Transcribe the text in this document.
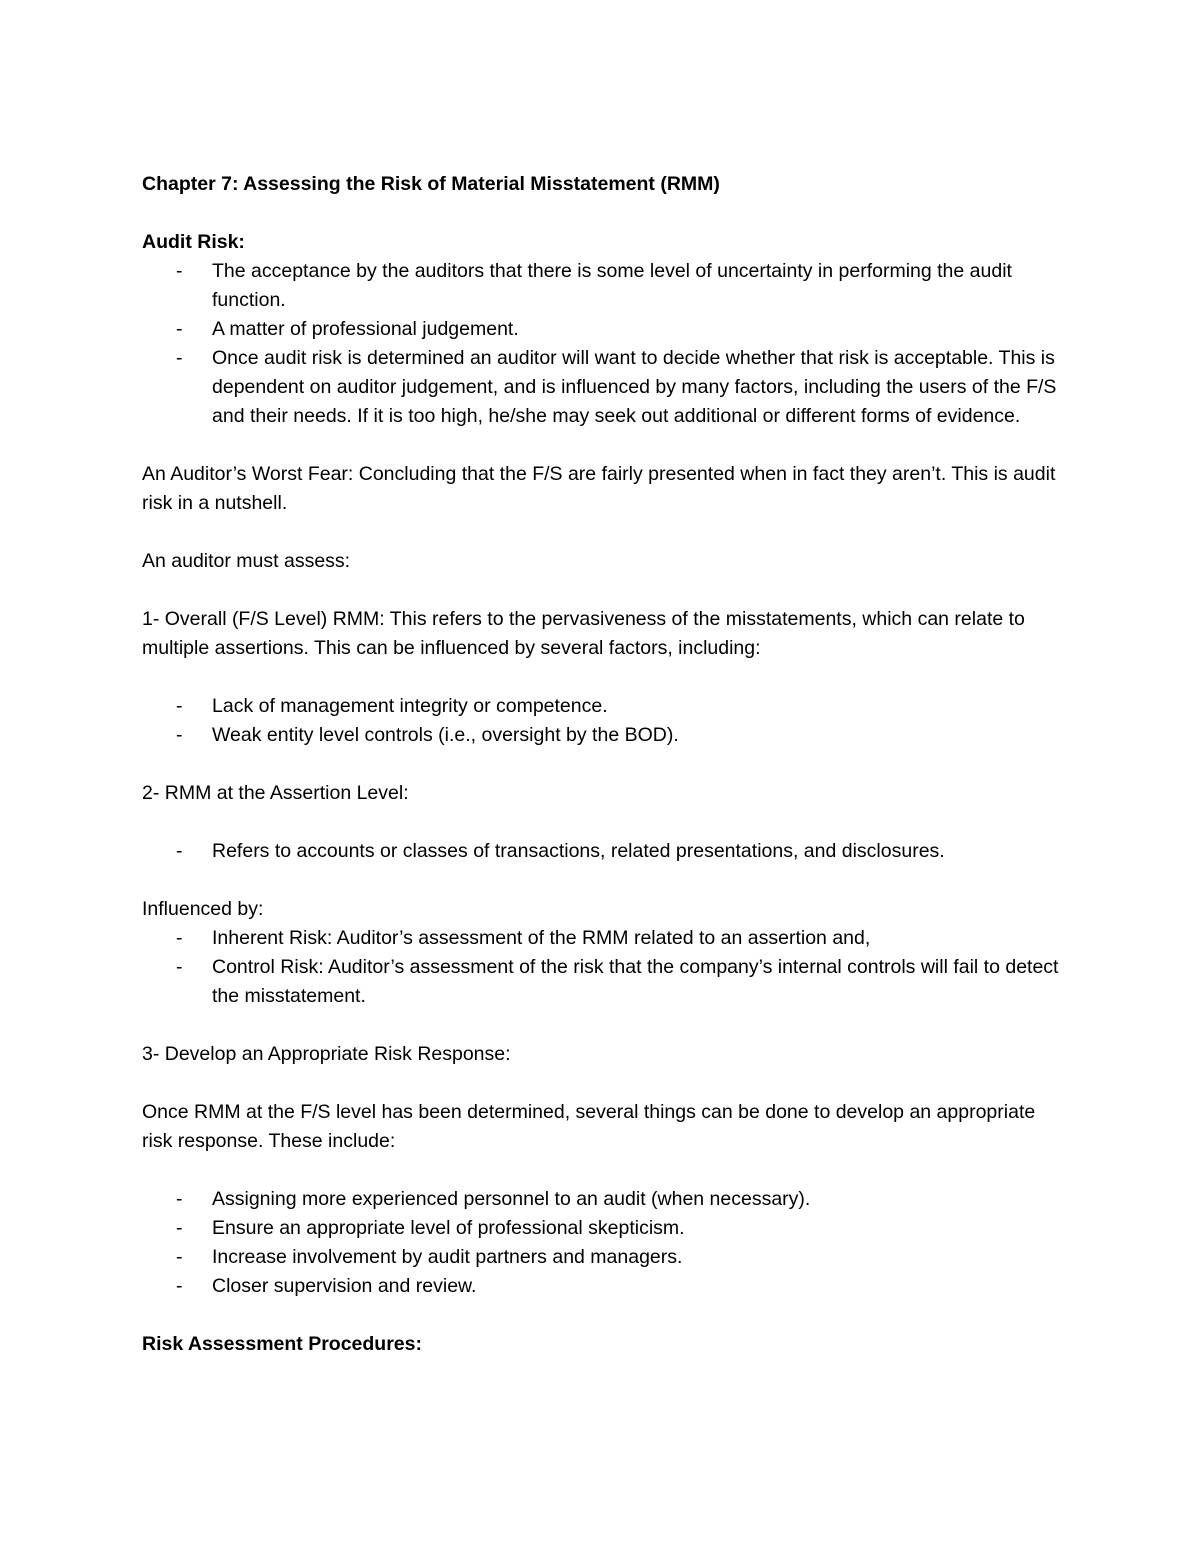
Chapter 7: Assessing the Risk of Material Misstatement (RMM)

Audit Risk:

- The acceptance by the auditors that there is some level of uncertainty in performing the audit function.
- A matter of professional judgement.
- Once audit risk is determined an auditor will want to decide whether that risk is acceptable. This is dependent on auditor judgement, and is influenced by many factors, including the users of the F/S and their needs. If it is too high, he/she may seek out additional or different forms of evidence.

An Auditor’s Worst Fear: Concluding that the F/S are fairly presented when in fact they aren’t. This is audit risk in a nutshell.

An auditor must assess:

1- Overall (F/S Level) RMM: This refers to the pervasiveness of the misstatements, which can relate to multiple assertions. This can be influenced by several factors, including:

- Lack of management integrity or competence.
- Weak entity level controls (i.e., oversight by the BOD).

2- RMM at the Assertion Level:

- Refers to accounts or classes of transactions, related presentations, and disclosures.

Influenced by:

- Inherent Risk: Auditor’s assessment of the RMM related to an assertion and,
- Control Risk: Auditor’s assessment of the risk that the company’s internal controls will fail to detect the misstatement.

3- Develop an Appropriate Risk Response:

Once RMM at the F/S level has been determined, several things can be done to develop an appropriate risk response. These include:

- Assigning more experienced personnel to an audit (when necessary).
- Ensure an appropriate level of professional skepticism.
- Increase involvement by audit partners and managers.
- Closer supervision and review.

Risk Assessment Procedures:
